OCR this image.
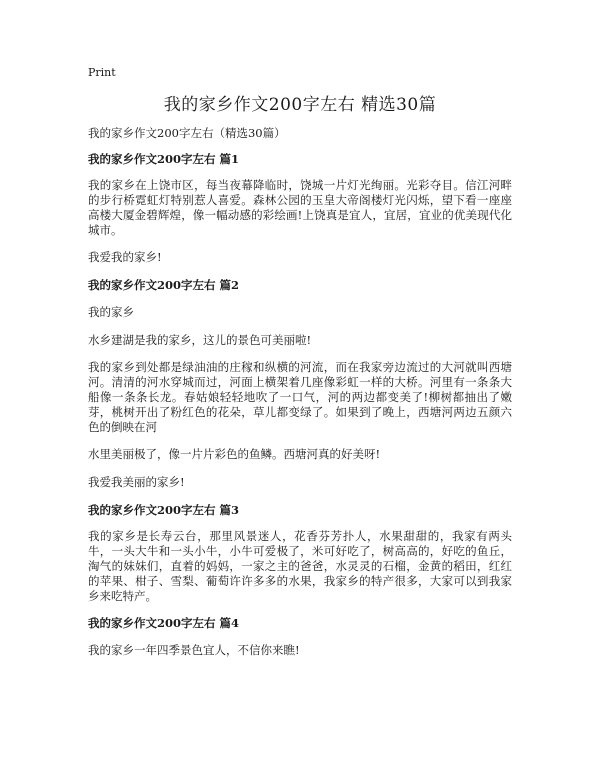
Print
我的家乡作文200字左右 精选30篇
我的家乡作文200字左右（精选30篇）
我的家乡作文200字左右 篇1

我的家乡在上饶市区，每当夜幕降临时，饶城一片灯光绚丽。光彩夺目。信江河畔的步行桥霓虹灯特别惹人喜爱。森林公园的玉皇大帝阁楼灯光闪烁，望下看一座座高楼大厦金碧辉煌，像一幅动感的彩绘画!上饶真是宜人，宜居，宜业的优美现代化城市。

我爱我的家乡!

我的家乡作文200字左右 篇2

我的家乡

水乡建湖是我的家乡，这儿的景色可美丽啦!

我的家乡到处都是绿油油的庄稼和纵横的河流，而在我家旁边流过的大河就叫西塘河。清清的河水穿城而过，河面上横架着几座像彩虹一样的大桥。河里有一条条大船像一条条长龙。春姑娘轻轻地吹了一口气，河的两边都变美了!柳树都抽出了嫩芽，桃树开出了粉红色的花朵，草儿都变绿了。如果到了晚上，西塘河两边五颜六色的倒映在河

水里美丽极了，像一片片彩色的鱼鳞。西塘河真的好美呀!

我爱我美丽的家乡!

我的家乡作文200字左右 篇3

我的家乡是长寿云台，那里风景迷人，花香芬芳扑人，水果甜甜的，我家有两头牛，一头大牛和一头小牛，小牛可爱极了，米可好吃了，树高高的，好吃的鱼丘，淘气的妹妹们，直着的妈妈，一家之主的爸爸，水灵灵的石榴，金黄的稻田，红红的苹果、柑子、雪梨、葡萄许许多多的水果，我家乡的特产很多，大家可以到我家乡来吃特产。

我的家乡作文200字左右 篇4

我的家乡一年四季景色宜人，不信你来瞧!
